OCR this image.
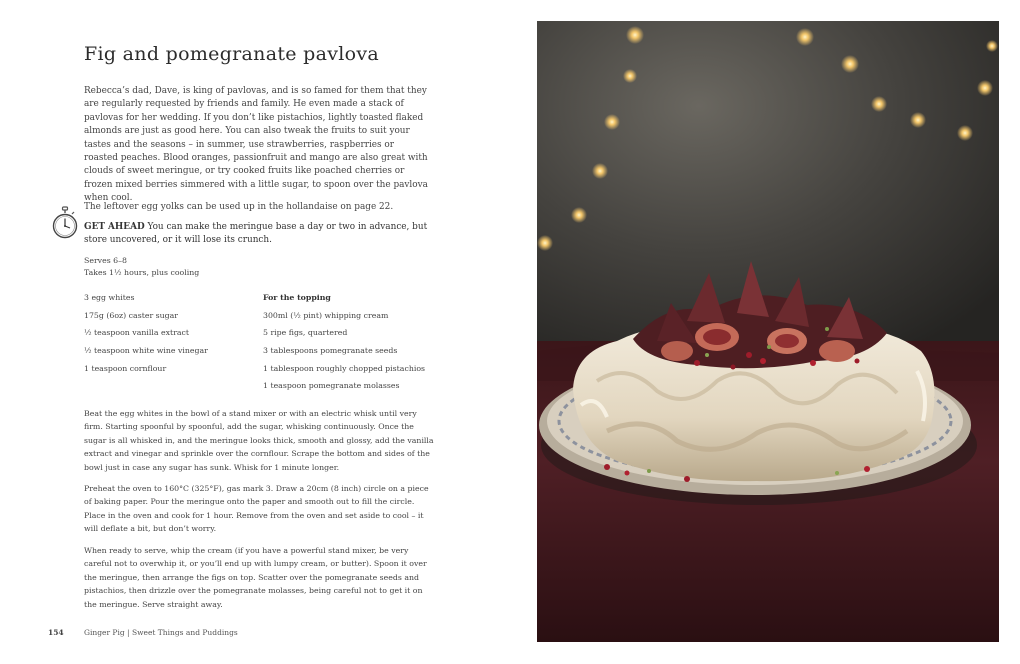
Fig and pomegranate pavlova

Rebecca’s dad, Dave, is king of pavlovas, and is so famed for them that they are regularly requested by friends and family. He even made a stack of pavlovas for her wedding. If you don’t like pistachios, lightly toasted flaked almonds are just as good here. You can also tweak the fruits to suit your tastes and the seasons – in summer, use strawberries, raspberries or roasted peaches. Blood oranges, passionfruit and mango are also great with clouds of sweet meringue, or try cooked fruits like poached cherries or frozen mixed berries simmered with a little sugar, to spoon over the pavlova when cool.

The leftover egg yolks can be used up in the hollandaise on page 22.

GET AHEAD You can make the meringue base a day or two in advance, but store uncovered, or it will lose its crunch.

Serves 6–8
Takes 1½ hours, plus cooling
3 egg whites
175g (6oz) caster sugar
½ teaspoon vanilla extract
½ teaspoon white wine vinegar
1 teaspoon cornflour
For the topping
300ml (½ pint) whipping cream
5 ripe figs, quartered
3 tablespoons pomegranate seeds
1 tablespoon roughly chopped pistachios
1 teaspoon pomegranate molasses

Beat the egg whites in the bowl of a stand mixer or with an electric whisk until very firm. Starting spoonful by spoonful, add the sugar, whisking continuously. Once the sugar is all whisked in, and the meringue looks thick, smooth and glossy, add the vanilla extract and vinegar and sprinkle over the cornflour. Scrape the bottom and sides of the bowl just in case any sugar has sunk. Whisk for 1 minute longer.

Preheat the oven to 160°C (325°F), gas mark 3. Draw a 20cm (8 inch) circle on a piece of baking paper. Pour the meringue onto the paper and smooth out to fill the circle. Place in the oven and cook for 1 hour. Remove from the oven and set aside to cool – it will deflate a bit, but don’t worry.

When ready to serve, whip the cream (if you have a powerful stand mixer, be very careful not to overwhip it, or you’ll end up with lumpy cream, or butter). Spoon it over the meringue, then arrange the figs on top. Scatter over the pomegranate seeds and pistachios, then drizzle over the pomegranate molasses, being careful not to get it on the meringue. Serve straight away.

154	Ginger Pig | Sweet Things and Puddings
